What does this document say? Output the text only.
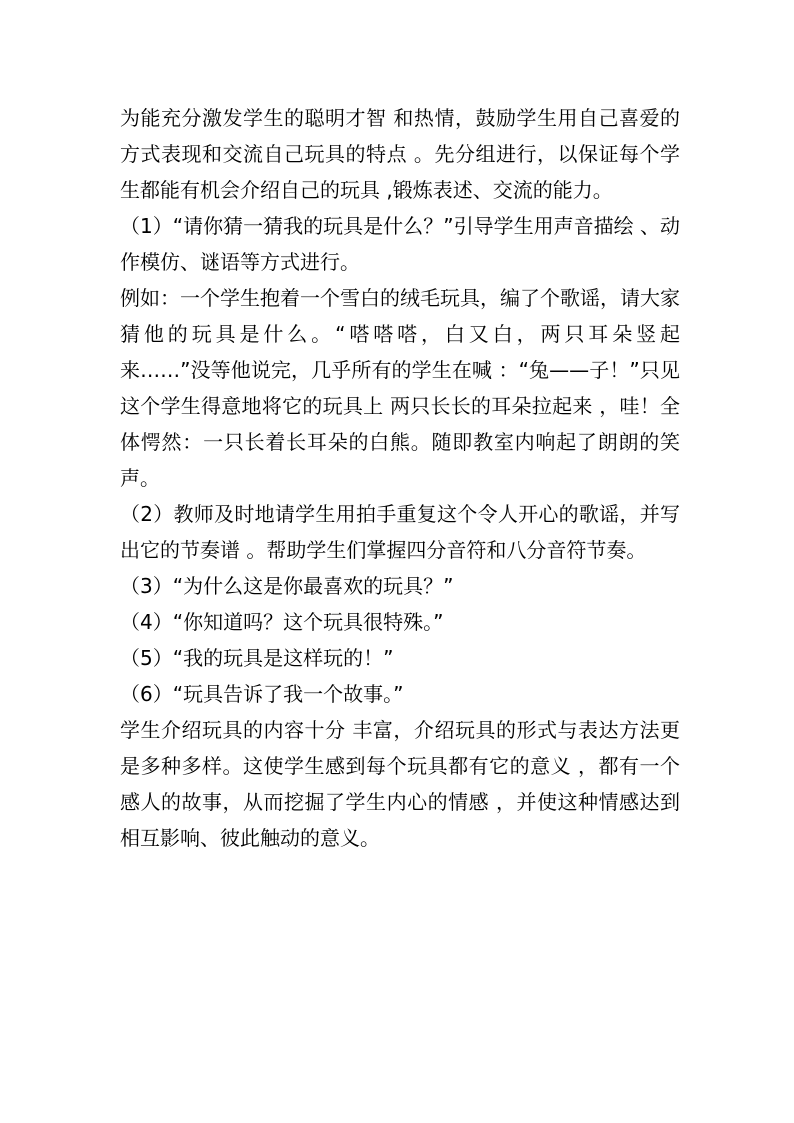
为能充分激发学生的聪明才智 和热情，鼓励学生用自己喜爱的方式表现和交流自己玩具的特点 。先分组进行，以保证每个学生都能有机会介绍自己的玩具 ,锻炼表述、交流的能力。

（1）“请你猜一猜我的玩具是什么？”引导学生用声音描绘 、动作模仿、谜语等方式进行。

例如：一个学生抱着一个雪白的绒毛玩具，编了个歌谣，请大家猜他的玩具是什么。“嗒嗒嗒，白又白，两只耳朵竖起来……”没等他说完，几乎所有的学生在喊 ：“兔——子！”只见这个学生得意地将它的玩具上 两只长长的耳朵拉起来 ，哇！全体愕然：一只长着长耳朵的白熊。随即教室内响起了朗朗的笑声。

（2）教师及时地请学生用拍手重复这个令人开心的歌谣，并写出它的节奏谱 。帮助学生们掌握四分音符和八分音符节奏。

（3）“为什么这是你最喜欢的玩具？”

（4）“你知道吗？这个玩具很特殊。”

（5）“我的玩具是这样玩的！”

（6）“玩具告诉了我一个故事。”

学生介绍玩具的内容十分 丰富，介绍玩具的形式与表达方法更是多种多样。这使学生感到每个玩具都有它的意义 ，都有一个感人的故事，从而挖掘了学生内心的情感 ，并使这种情感达到相互影响、彼此触动的意义。
